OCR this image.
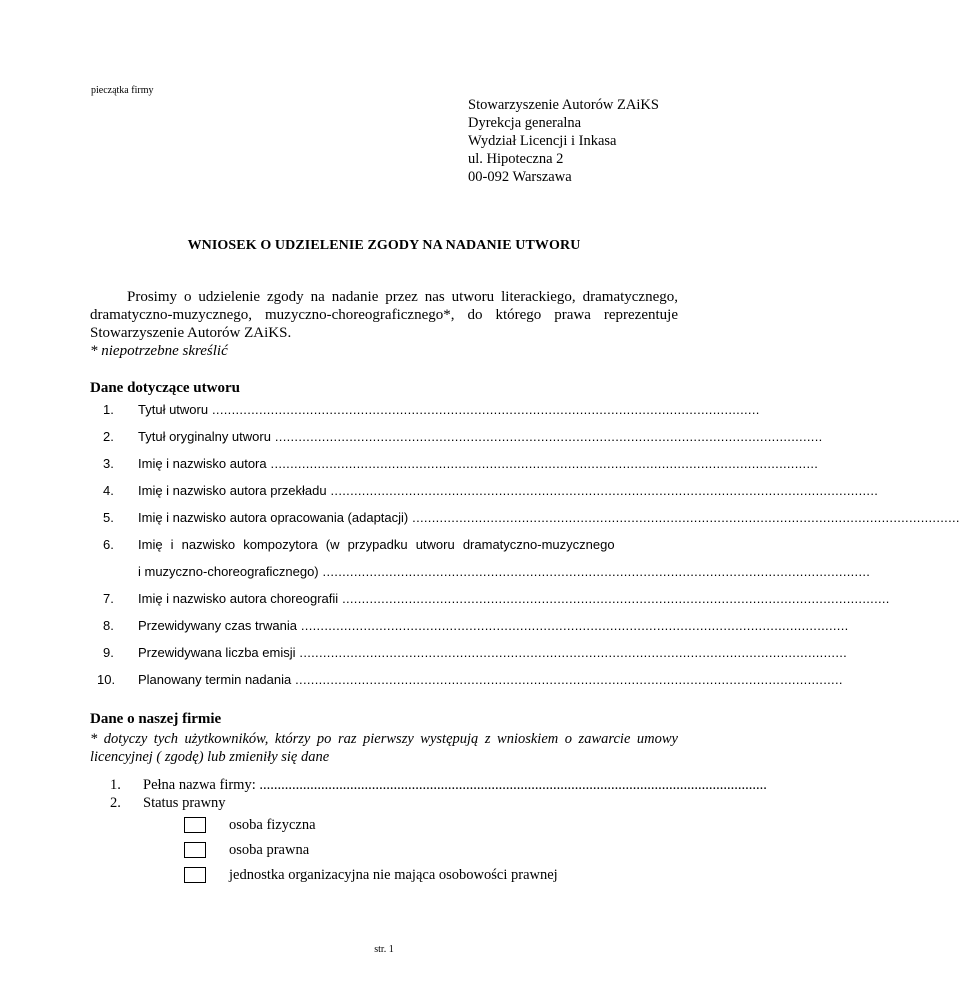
pieczątka firmy
Stowarzyszenie Autorów ZAiKS
Dyrekcja generalna
Wydział Licencji i Inkasa
ul. Hipoteczna 2
00-092 Warszawa
WNIOSEK O UDZIELENIE ZGODY NA NADANIE UTWORU
Prosimy o udzielenie zgody na nadanie przez nas utworu literackiego, dramatycznego, dramatyczno-muzycznego, muzyczno-choreograficznego*, do którego prawa reprezentuje Stowarzyszenie Autorów ZAiKS.
* niepotrzebne skreślić
Dane dotyczące utworu
1. Tytuł utworu ............................................................................................................................................
2. Tytuł oryginalny utworu ............................................................................................................................................
3. Imię i nazwisko autora ............................................................................................................................................
4. Imię i nazwisko autora przekładu ............................................................................................................................................
5. Imię i nazwisko autora opracowania (adaptacji) ............................................................................................................................................
6. Imię i nazwisko kompozytora (w przypadku utworu dramatyczno-muzycznego
i muzyczno-choreograficznego) ............................................................................................................................................
7. Imię i nazwisko autora choreografii ............................................................................................................................................
8. Przewidywany czas trwania ............................................................................................................................................
9. Przewidywana liczba emisji ............................................................................................................................................
10. Planowany termin nadania ............................................................................................................................................
Dane o naszej firmie
* dotyczy tych użytkowników, którzy po raz pierwszy występują z wnioskiem o zawarcie umowy licencyjnej ( zgodę) lub zmieniły się dane
1. Pełna nazwa firmy: ............................................................................................................................................
2. Status prawny
osoba fizyczna
osoba prawna
jednostka organizacyjna nie mająca osobowości prawnej
str. 1
